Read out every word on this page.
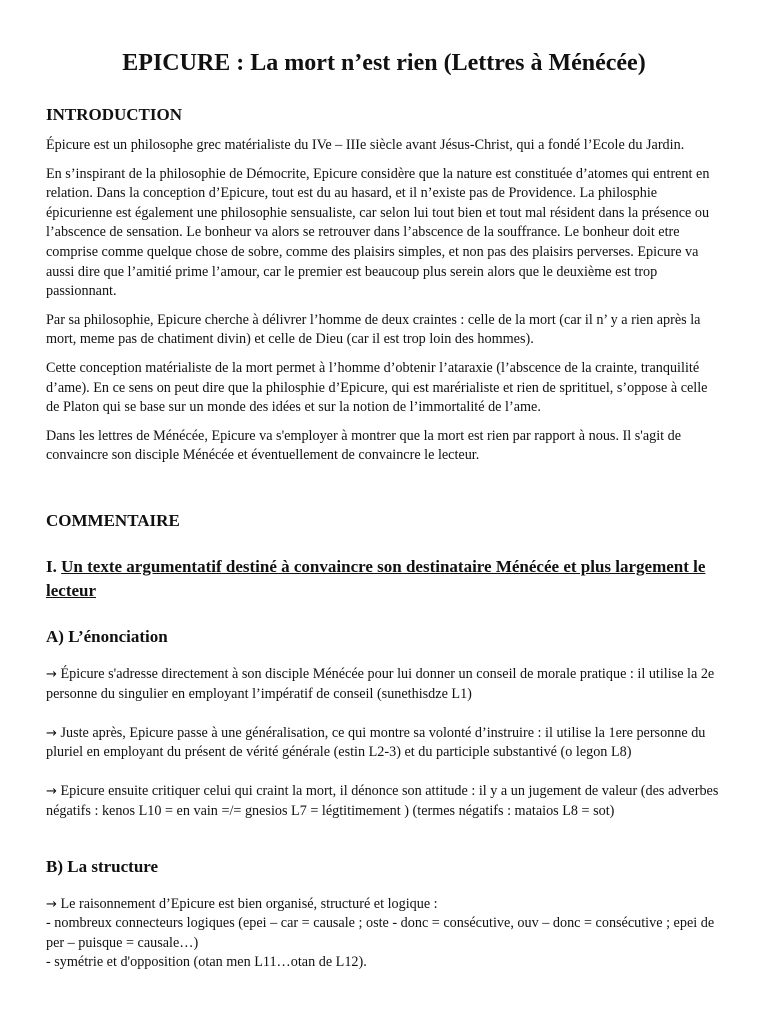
EPICURE : La mort n’est rien (Lettres à Ménécée)
INTRODUCTION

Épicure est un philosophe grec matérialiste du IVe – IIIe siècle avant Jésus-Christ, qui a fondé l’Ecole du Jardin.

En s’inspirant de la philosophie de Démocrite, Epicure considère que la nature est constituée d’atomes qui entrent en relation. Dans la conception d’Epicure, tout est du au hasard, et il n’existe pas de Providence. La philosphie épicurienne est également une philosophie sensualiste, car selon lui tout bien et tout mal résident dans la présence ou l’abscence de sensation. Le bonheur va alors se retrouver dans l’abscence de la souffrance. Le bonheur doit etre comprise comme quelque chose de sobre, comme des plaisirs simples, et non pas des plaisirs perverses. Epicure va aussi dire que l’amitié prime l’amour, car le premier est beaucoup plus serein alors que le deuxième est trop passionnant.

Par sa philosophie, Epicure cherche à délivrer l’homme de deux craintes : celle de la mort (car il n’ y a rien après la mort, meme pas de chatiment divin) et celle de Dieu (car il est trop loin des hommes).

Cette conception matérialiste de la mort permet à l’homme d’obtenir l’ataraxie (l’abscence de la crainte, tranquilité d’ame). En ce sens on peut dire que la philosphie d’Epicure, qui est marérialiste et rien de spritituel, s’oppose à celle de Platon qui se base sur un monde des idées et sur la notion de l’immortalité de l’ame.

Dans les lettres de Ménécée, Epicure va s'employer à montrer que la mort est rien par rapport à nous. Il s'agit de convaincre son disciple Ménécée et éventuellement de convaincre le lecteur.

COMMENTAIRE
I. Un texte argumentatif destiné à convaincre son destinataire Ménécée et plus largement le lecteur
A) L’énonciation

→ Épicure s'adresse directement à son disciple Ménécée pour lui donner un conseil de morale pratique : il utilise la 2e personne du singulier en employant l’impératif de conseil (sunethisdze L1)

→ Juste après, Epicure passe à une généralisation, ce qui montre sa volonté d’instruire : il utilise la 1ere personne du pluriel en employant du présent de vérité générale (estin L2-3) et du participle substantivé (o legon L8)

→ Epicure ensuite critiquer celui qui craint la mort, il dénonce son attitude : il y a un jugement de valeur (des adverbes négatifs : kenos L10 = en vain =/= gnesios L7 = légtitimement ) (termes négatifs : mataios L8 = sot)

B) La structure

→ Le raisonnement d’Epicure est bien organisé, structuré et logique :

- nombreux connecteurs logiques (epei – car = causale ; oste - donc = consécutive, ouv – donc = consécutive ; epei de per – puisque = causale…)

- symétrie et d'opposition (otan men L11…otan de L12).
